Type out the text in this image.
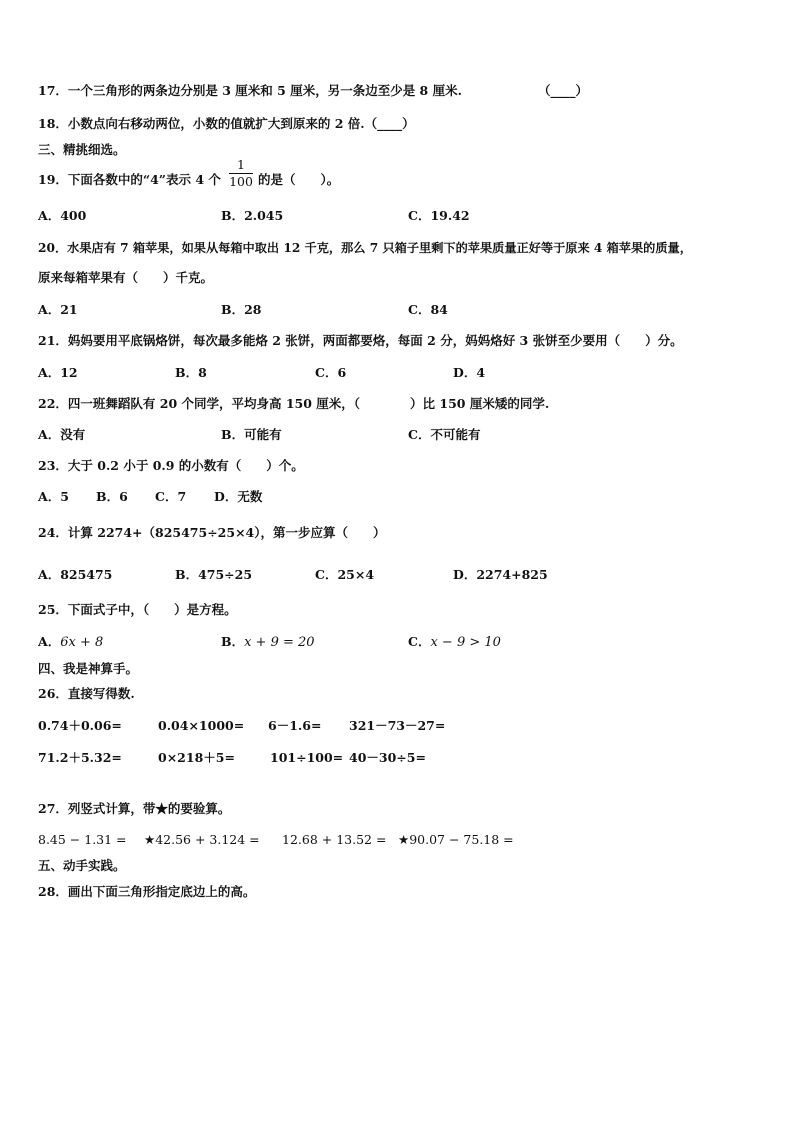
17．一个三角形的两条边分别是 3 厘米和 5 厘米，另一条边至少是 8 厘米.	（____）
18．小数点向右移动两位，小数的值就扩大到原来的 2 倍.（____）
三、精挑细选。
19．下面各数中的“4”表示 4 个
1
100 的是（　　）。
A．400	B．2.045	C．19.42
20．水果店有 7 箱苹果，如果从每箱中取出 12 千克，那么 7 只箱子里剩下的苹果质量正好等于原来 4 箱苹果的质量，
原来每箱苹果有（　　）千克。
A．21	B．28	C．84
21．妈妈要用平底锅烙饼，每次最多能烙 2 张饼，两面都要烙，每面 2 分，妈妈烙好 3 张饼至少要用（　　）分。
A．12	B．8	C．6	D．4
22．四一班舞蹈队有 20 个同学，平均身高 150 厘米，（　　　　）比 150 厘米矮的同学.
A．没有	B．可能有	C．不可能有
23．大于 0.2 小于 0.9 的小数有（　　）个。
A．5 B．6 C．7 D．无数
24．计算 2274+（825475÷25×4），第一步应算（　　）
A．825475	B．475÷25	C．25×4	D．2274+825
25．下面式子中，（　　）是方程。
A．6x + 8	B．x + 9 = 20	C．x − 9 > 10
四、我是神算手。
26．直接写得数.
0.74＋0.06=	0.04×1000= 6－1.6= 321－73－27=
71.2＋5.32=	0×218＋5=	101÷100= 40－30÷5=
27．列竖式计算，带★的要验算。
8.45 − 1.31 = ★42.56 + 3.124 = 12.68 + 13.52 = ★90.07 − 75.18 =
五、动手实践。
28．画出下面三角形指定底边上的高。
